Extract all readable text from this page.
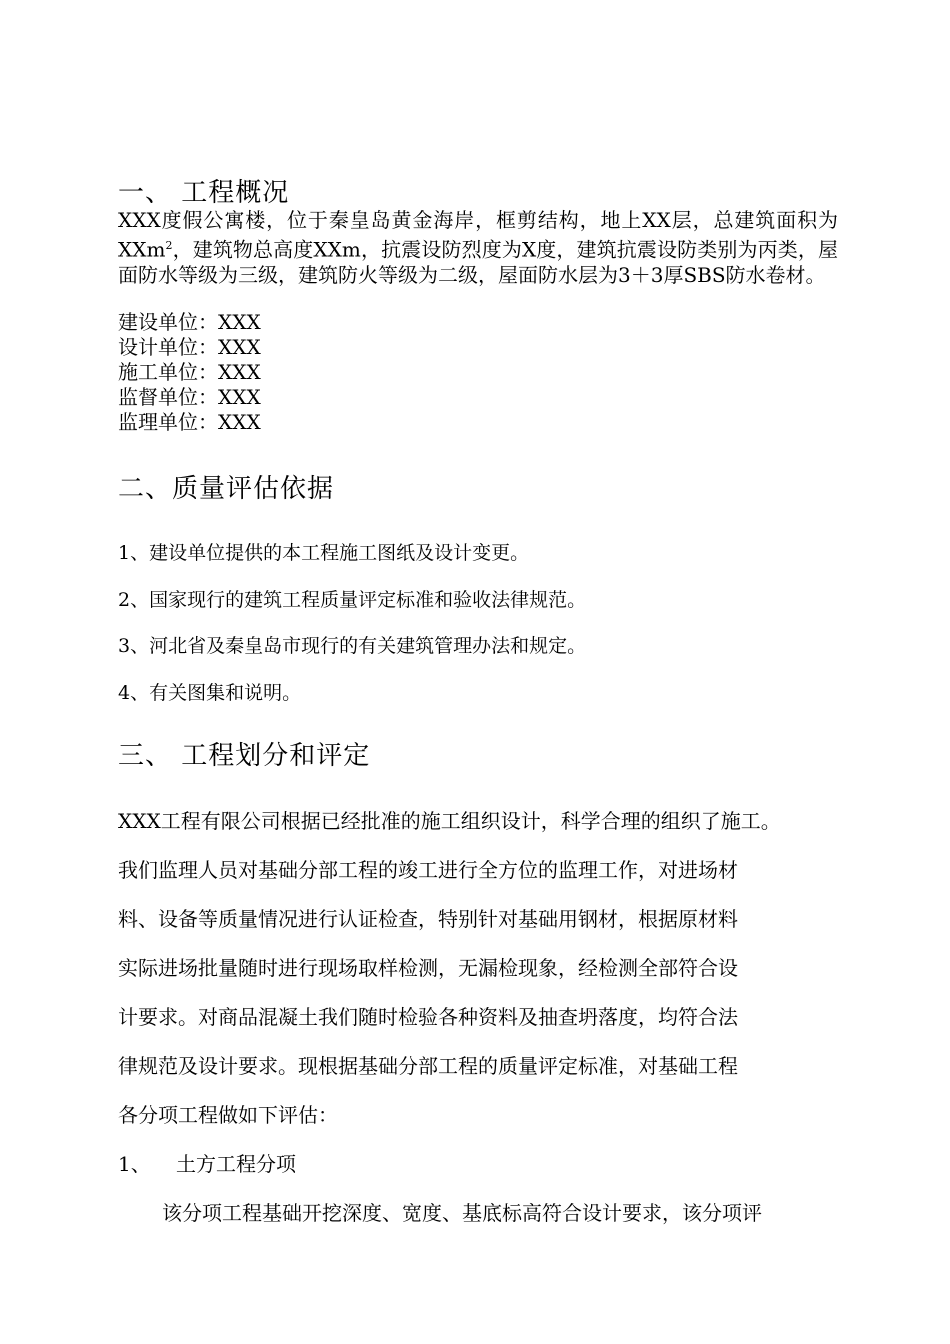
一、 工程概况
XXX度假公寓楼，位于秦皇岛黄金海岸，框剪结构，地上XX层，总建筑面积为XXm$^2$，建筑物总高度XXm，抗震设防烈度为X度，建筑抗震设防类别为丙类，屋面防水等级为三级，建筑防火等级为二级，屋面防水层为3＋3厚SBS防水卷材。
建设单位：XXX
设计单位：XXX
施工单位：XXX
监督单位：XXX
监理单位：XXX
二、质量评估依据
1、建设单位提供的本工程施工图纸及设计变更。
2、国家现行的建筑工程质量评定标准和验收法律规范。
3、河北省及秦皇岛市现行的有关建筑管理办法和规定。
4、有关图集和说明。
三、 工程划分和评定
XXX工程有限公司根据已经批准的施工组织设计，科学合理的组织了施工。
我们监理人员对基础分部工程的竣工进行全方位的监理工作，对进场材
料、设备等质量情况进行认证检查，特别针对基础用钢材，根据原材料
实际进场批量随时进行现场取样检测，无漏检现象，经检测全部符合设
计要求。对商品混凝土我们随时检验各种资料及抽查坍落度，均符合法
律规范及设计要求。现根据基础分部工程的质量评定标准，对基础工程
各分项工程做如下评估：
1、 土方工程分项
该分项工程基础开挖深度、宽度、基底标高符合设计要求，该分项评
